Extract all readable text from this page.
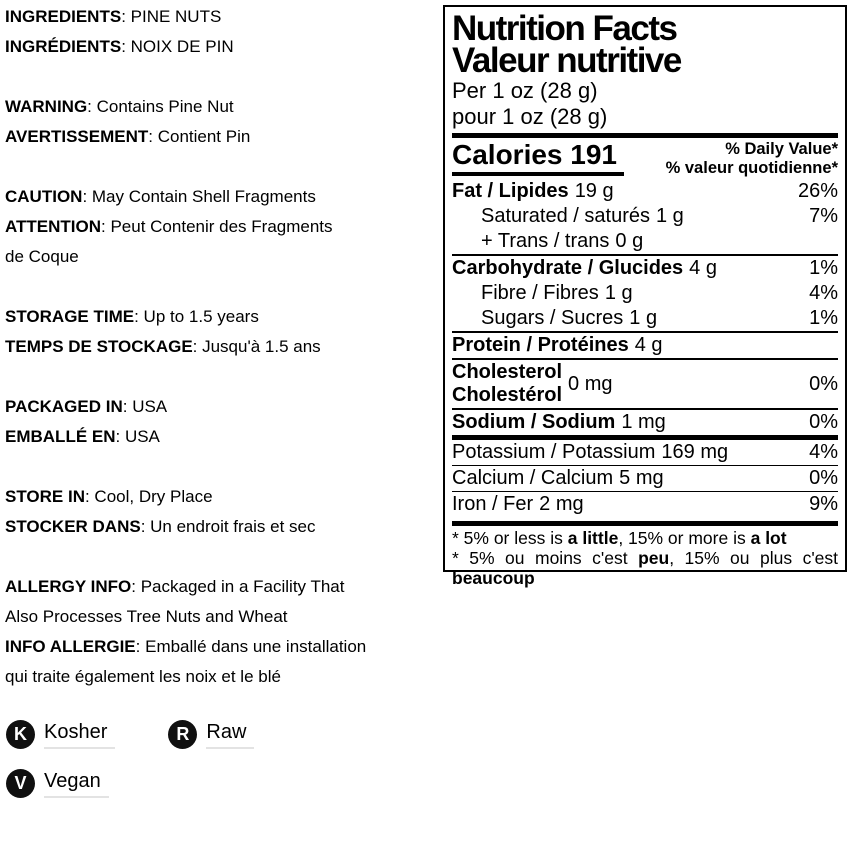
INGREDIENTS: PINE NUTS
INGRÉDIENTS: NOIX DE PIN
WARNING: Contains Pine Nut
AVERTISSEMENT: Contient Pin
CAUTION: May Contain Shell Fragments
ATTENTION: Peut Contenir des Fragments
de Coque
STORAGE TIME: Up to 1.5 years
TEMPS DE STOCKAGE: Jusqu'à 1.5 ans
PACKAGED IN: USA
EMBALLÉ EN: USA
STORE IN: Cool, Dry Place
STOCKER DANS: Un endroit frais et sec
ALLERGY INFO: Packaged in a Facility That
Also Processes Tree Nuts and Wheat
INFO ALLERGIE: Emballé dans une installation
qui traite également les noix et le blé
K Kosher	R Raw
V Vegan
Nutrition Facts
Valeur nutritive
Per 1 oz (28 g)
pour 1 oz (28 g)
Calories 191	% Daily Value*
% valeur quotidienne*
Fat / Lipides 19 g	26%
Saturated / saturés 1 g	7%
+ Trans / trans 0 g
Carbohydrate / Glucides 4 g	1%
Fibre / Fibres 1 g	4%
Sugars / Sucres 1 g	1%
Protein / Protéines 4 g
Cholesterol
Cholestérol
0 mg	0%
Sodium / Sodium 1 mg	0%
Potassium / Potassium 169 mg	4%
Calcium / Calcium 5 mg	0%
Iron / Fer 2 mg	9%
* 5% or less is a little, 15% or more is a lot
* 5% ou moins c'est peu, 15% ou plus c'est beaucoup
